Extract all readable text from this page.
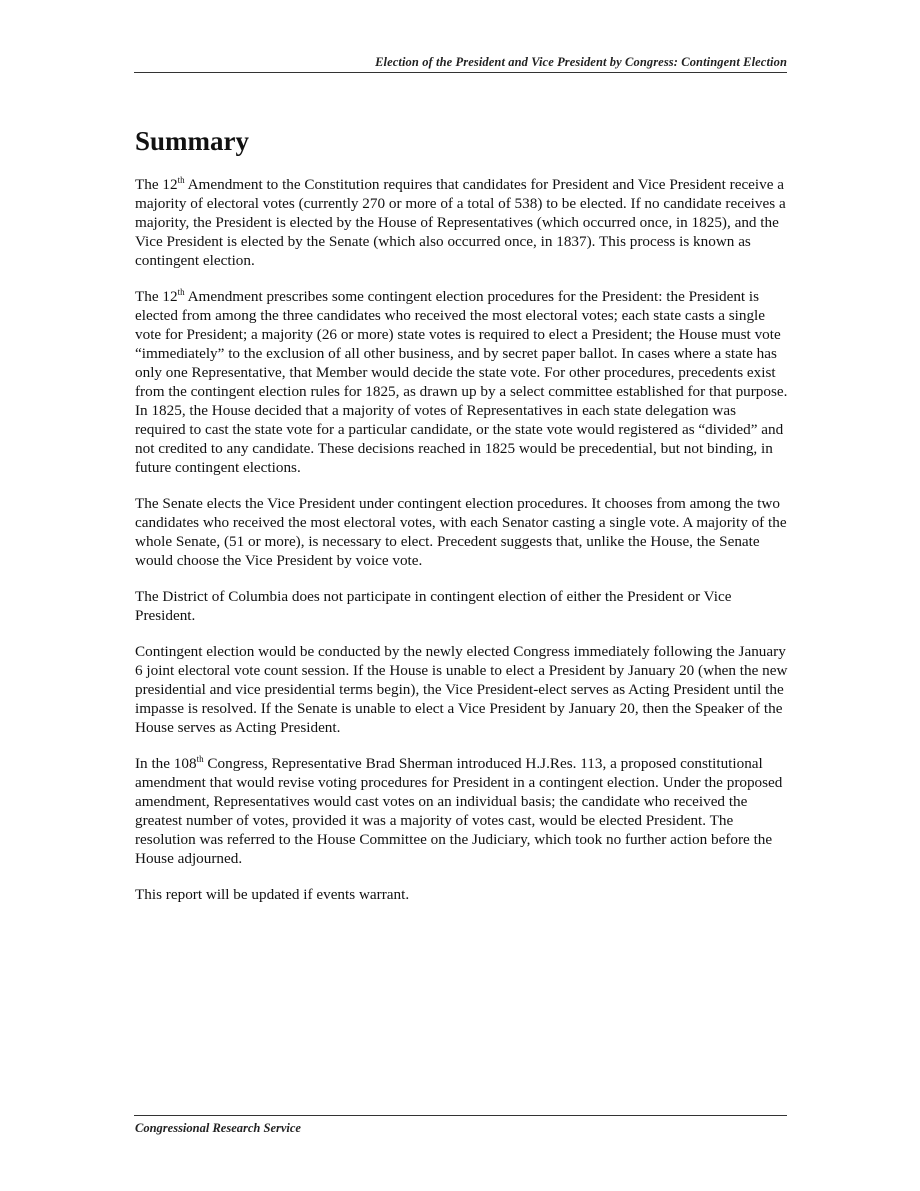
Election of the President and Vice President by Congress: Contingent Election
Summary

The 12th Amendment to the Constitution requires that candidates for President and Vice President receive a majority of electoral votes (currently 270 or more of a total of 538) to be elected. If no candidate receives a majority, the President is elected by the House of Representatives (which occurred once, in 1825), and the Vice President is elected by the Senate (which also occurred once, in 1837). This process is known as contingent election.

The 12th Amendment prescribes some contingent election procedures for the President: the President is elected from among the three candidates who received the most electoral votes; each state casts a single vote for President; a majority (26 or more) state votes is required to elect a President; the House must vote “immediately” to the exclusion of all other business, and by secret paper ballot. In cases where a state has only one Representative, that Member would decide the state vote. For other procedures, precedents exist from the contingent election rules for 1825, as drawn up by a select committee established for that purpose. In 1825, the House decided that a majority of votes of Representatives in each state delegation was required to cast the state vote for a particular candidate, or the state vote would registered as “divided” and not credited to any candidate. These decisions reached in 1825 would be precedential, but not binding, in future contingent elections.

The Senate elects the Vice President under contingent election procedures. It chooses from among the two candidates who received the most electoral votes, with each Senator casting a single vote. A majority of the whole Senate, (51 or more), is necessary to elect. Precedent suggests that, unlike the House, the Senate would choose the Vice President by voice vote.

The District of Columbia does not participate in contingent election of either the President or Vice President.

Contingent election would be conducted by the newly elected Congress immediately following the January 6 joint electoral vote count session. If the House is unable to elect a President by January 20 (when the new presidential and vice presidential terms begin), the Vice President-elect serves as Acting President until the impasse is resolved. If the Senate is unable to elect a Vice President by January 20, then the Speaker of the House serves as Acting President.

In the 108th Congress, Representative Brad Sherman introduced H.J.Res. 113, a proposed constitutional amendment that would revise voting procedures for President in a contingent election. Under the proposed amendment, Representatives would cast votes on an individual basis; the candidate who received the greatest number of votes, provided it was a majority of votes cast, would be elected President. The resolution was referred to the House Committee on the Judiciary, which took no further action before the House adjourned.

This report will be updated if events warrant.

Congressional Research Service
